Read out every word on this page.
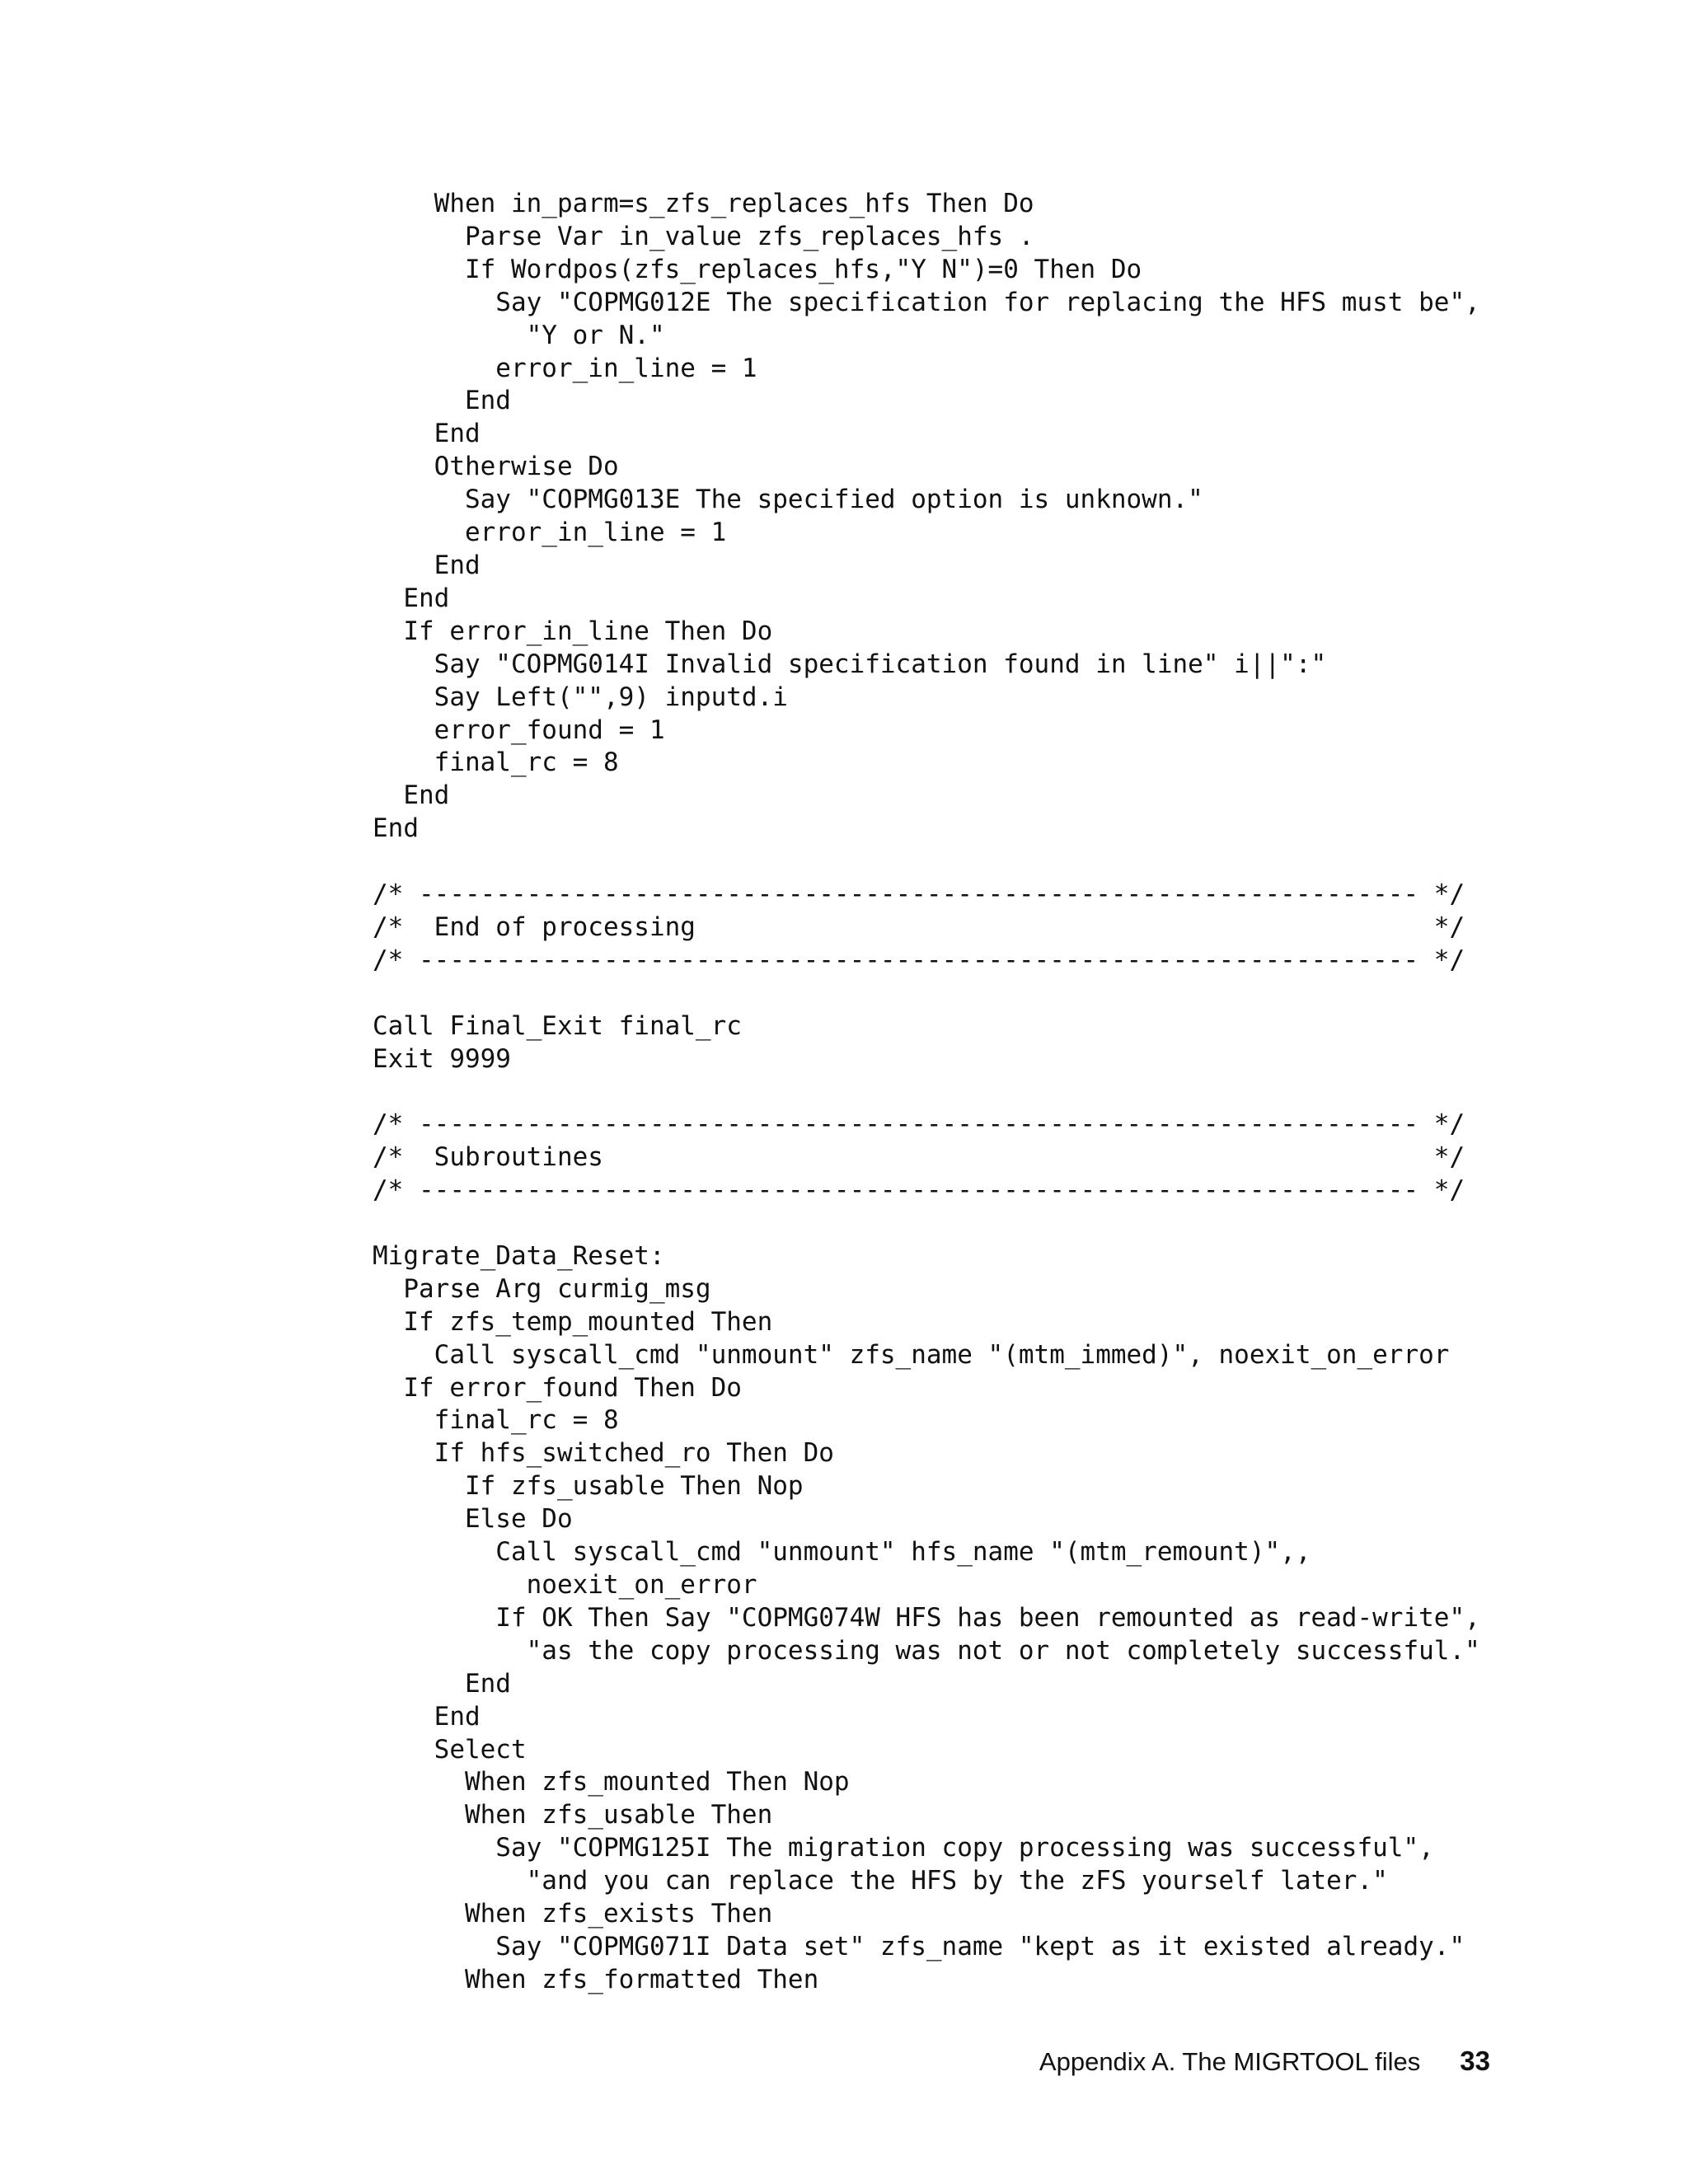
When in_parm=s_zfs_replaces_hfs Then Do
Parse Var in_value zfs_replaces_hfs .
If Wordpos(zfs_replaces_hfs,"Y N")=0 Then Do
Say "COPMG012E The specification for replacing the HFS must be",
"Y or N."
error_in_line = 1
End
End
Otherwise Do
Say "COPMG013E The specified option is unknown."
error_in_line = 1
End
End
If error_in_line Then Do
Say "COPMG014I Invalid specification found in line" i||":"
Say Left("",9) inputd.i
error_found = 1
final_rc = 8
End
End
/* ----------------------------------------------------------------- */
/*  End of processing                                                */
/* ----------------------------------------------------------------- */
Call Final_Exit final_rc
Exit 9999
/* ----------------------------------------------------------------- */
/*  Subroutines                                                      */
/* ----------------------------------------------------------------- */
Migrate_Data_Reset:
Parse Arg curmig_msg
If zfs_temp_mounted Then
Call syscall_cmd "unmount" zfs_name "(mtm_immed)", noexit_on_error
If error_found Then Do
final_rc = 8
If hfs_switched_ro Then Do
If zfs_usable Then Nop
Else Do
Call syscall_cmd "unmount" hfs_name "(mtm_remount)",,
noexit_on_error
If OK Then Say "COPMG074W HFS has been remounted as read-write",
"as the copy processing was not or not completely successful."
End
End
Select
When zfs_mounted Then Nop
When zfs_usable Then
Say "COPMG125I The migration copy processing was successful",
"and you can replace the HFS by the zFS yourself later."
When zfs_exists Then
Say "COPMG071I Data set" zfs_name "kept as it existed already."
When zfs_formatted Then
Appendix A. The MIGRTOOL files 33
